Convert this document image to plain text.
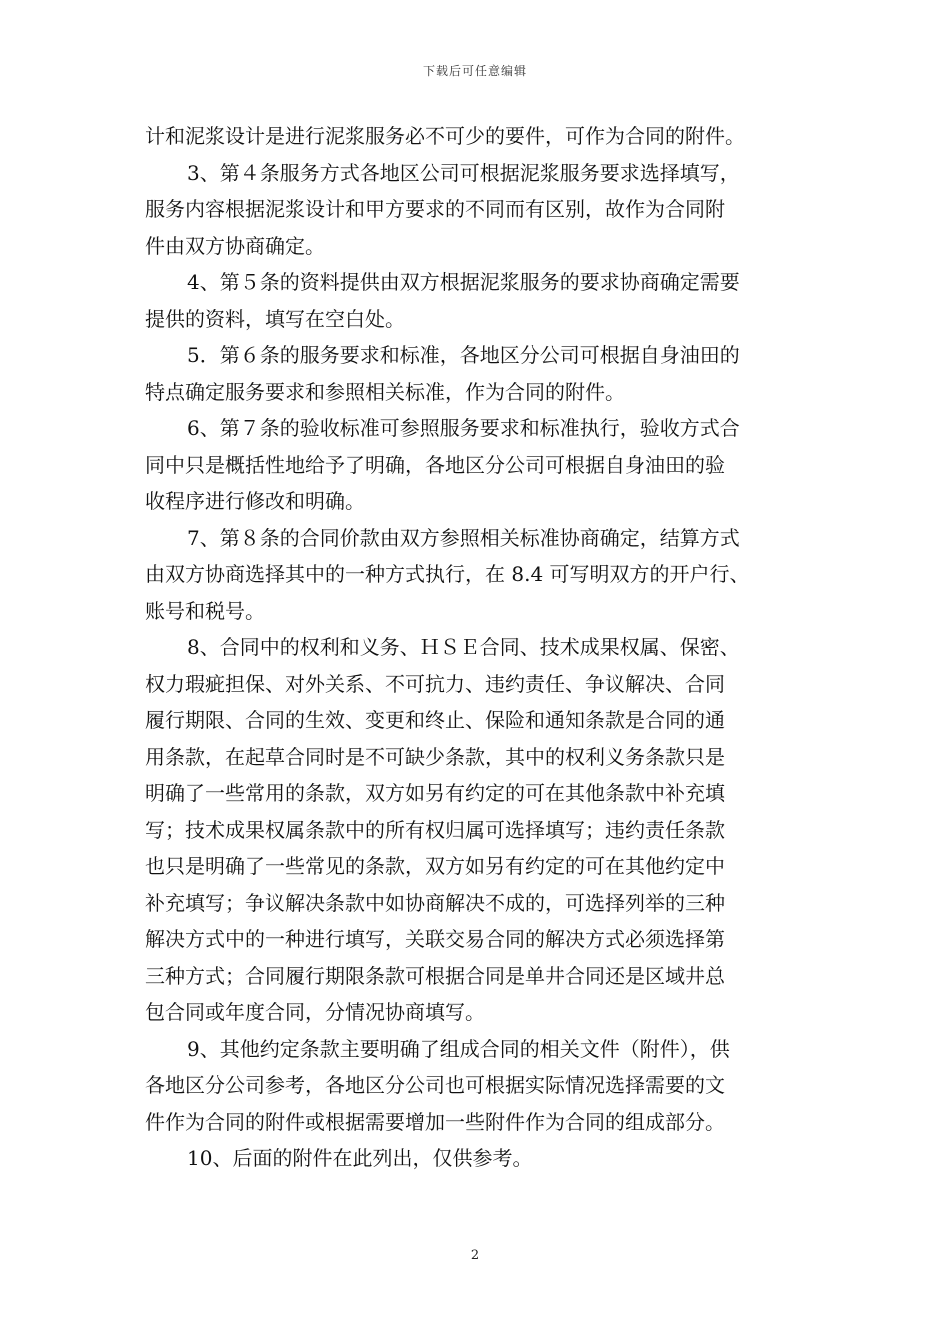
下载后可任意编辑
计和泥浆设计是进行泥浆服务必不可少的要件，可作为合同的附件。
3、第４条服务方式各地区公司可根据泥浆服务要求选择填写，
服务内容根据泥浆设计和甲方要求的不同而有区别，故作为合同附
件由双方协商确定。
4、第５条的资料提供由双方根据泥浆服务的要求协商确定需要
提供的资料，填写在空白处。
5．第６条的服务要求和标准，各地区分公司可根据自身油田的
特点确定服务要求和参照相关标准，作为合同的附件。
6、第７条的验收标准可参照服务要求和标准执行，验收方式合
同中只是概括性地给予了明确，各地区分公司可根据自身油田的验
收程序进行修改和明确。
7、第８条的合同价款由双方参照相关标准协商确定，结算方式
由双方协商选择其中的一种方式执行，在 8.4 可写明双方的开户行、
账号和税号。
8、合同中的权利和义务、ＨＳＥ合同、技术成果权属、保密、
权力瑕疵担保、对外关系、不可抗力、违约责任、争议解决、合同
履行期限、合同的生效、变更和终止、保险和通知条款是合同的通
用条款，在起草合同时是不可缺少条款，其中的权利义务条款只是
明确了一些常用的条款，双方如另有约定的可在其他条款中补充填
写；技术成果权属条款中的所有权归属可选择填写；违约责任条款
也只是明确了一些常见的条款，双方如另有约定的可在其他约定中
补充填写；争议解决条款中如协商解决不成的，可选择列举的三种
解决方式中的一种进行填写，关联交易合同的解决方式必须选择第
三种方式；合同履行期限条款可根据合同是单井合同还是区域井总
包合同或年度合同，分情况协商填写。
9、其他约定条款主要明确了组成合同的相关文件（附件），供
各地区分公司参考，各地区分公司也可根据实际情况选择需要的文
件作为合同的附件或根据需要增加一些附件作为合同的组成部分。
10、后面的附件在此列出，仅供参考。
2
